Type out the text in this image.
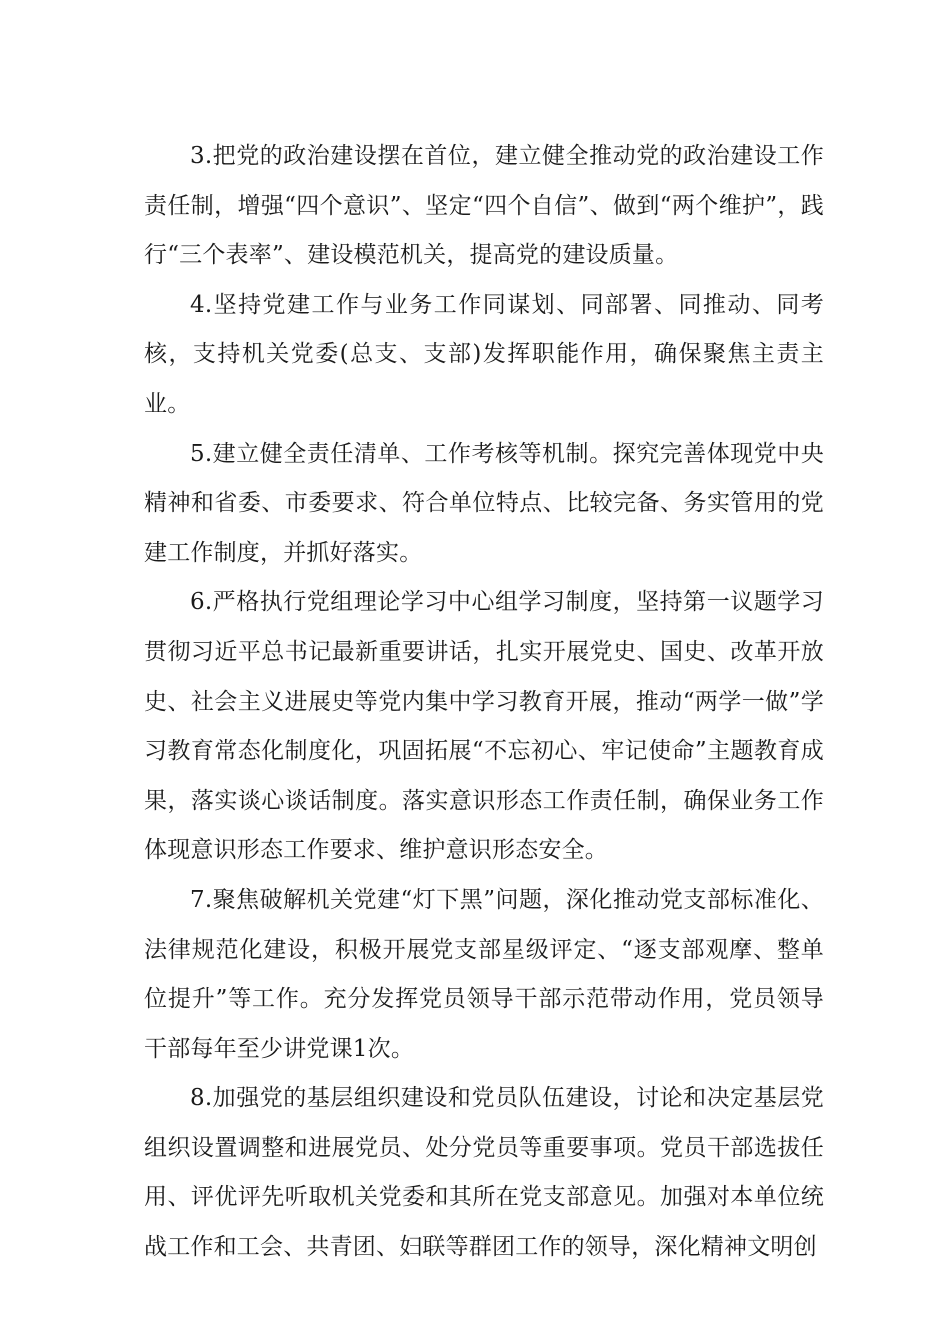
3.把党的政治建设摆在首位，建立健全推动党的政治建设工作责任制，增强“四个意识”、坚定“四个自信”、做到“两个维护”，践行“三个表率”、建设模范机关，提高党的建设质量。

4.坚持党建工作与业务工作同谋划、同部署、同推动、同考核，支持机关党委(总支、支部)发挥职能作用，确保聚焦主责主业。

5.建立健全责任清单、工作考核等机制。探究完善体现党中央精神和省委、市委要求、符合单位特点、比较完备、务实管用的党建工作制度，并抓好落实。

6.严格执行党组理论学习中心组学习制度，坚持第一议题学习贯彻习近平总书记最新重要讲话，扎实开展党史、国史、改革开放史、社会主义进展史等党内集中学习教育开展，推动“两学一做”学习教育常态化制度化，巩固拓展“不忘初心、牢记使命”主题教育成果，落实谈心谈话制度。落实意识形态工作责任制，确保业务工作体现意识形态工作要求、维护意识形态安全。

7.聚焦破解机关党建“灯下黑”问题，深化推动党支部标准化、法律规范化建设，积极开展党支部星级评定、“逐支部观摩、整单位提升”等工作。充分发挥党员领导干部示范带动作用，党员领导干部每年至少讲党课1次。

8.加强党的基层组织建设和党员队伍建设，讨论和决定基层党组织设置调整和进展党员、处分党员等重要事项。党员干部选拔任用、评优评先听取机关党委和其所在党支部意见。加强对本单位统战工作和工会、共青团、妇联等群团工作的领导，深化精神文明创
